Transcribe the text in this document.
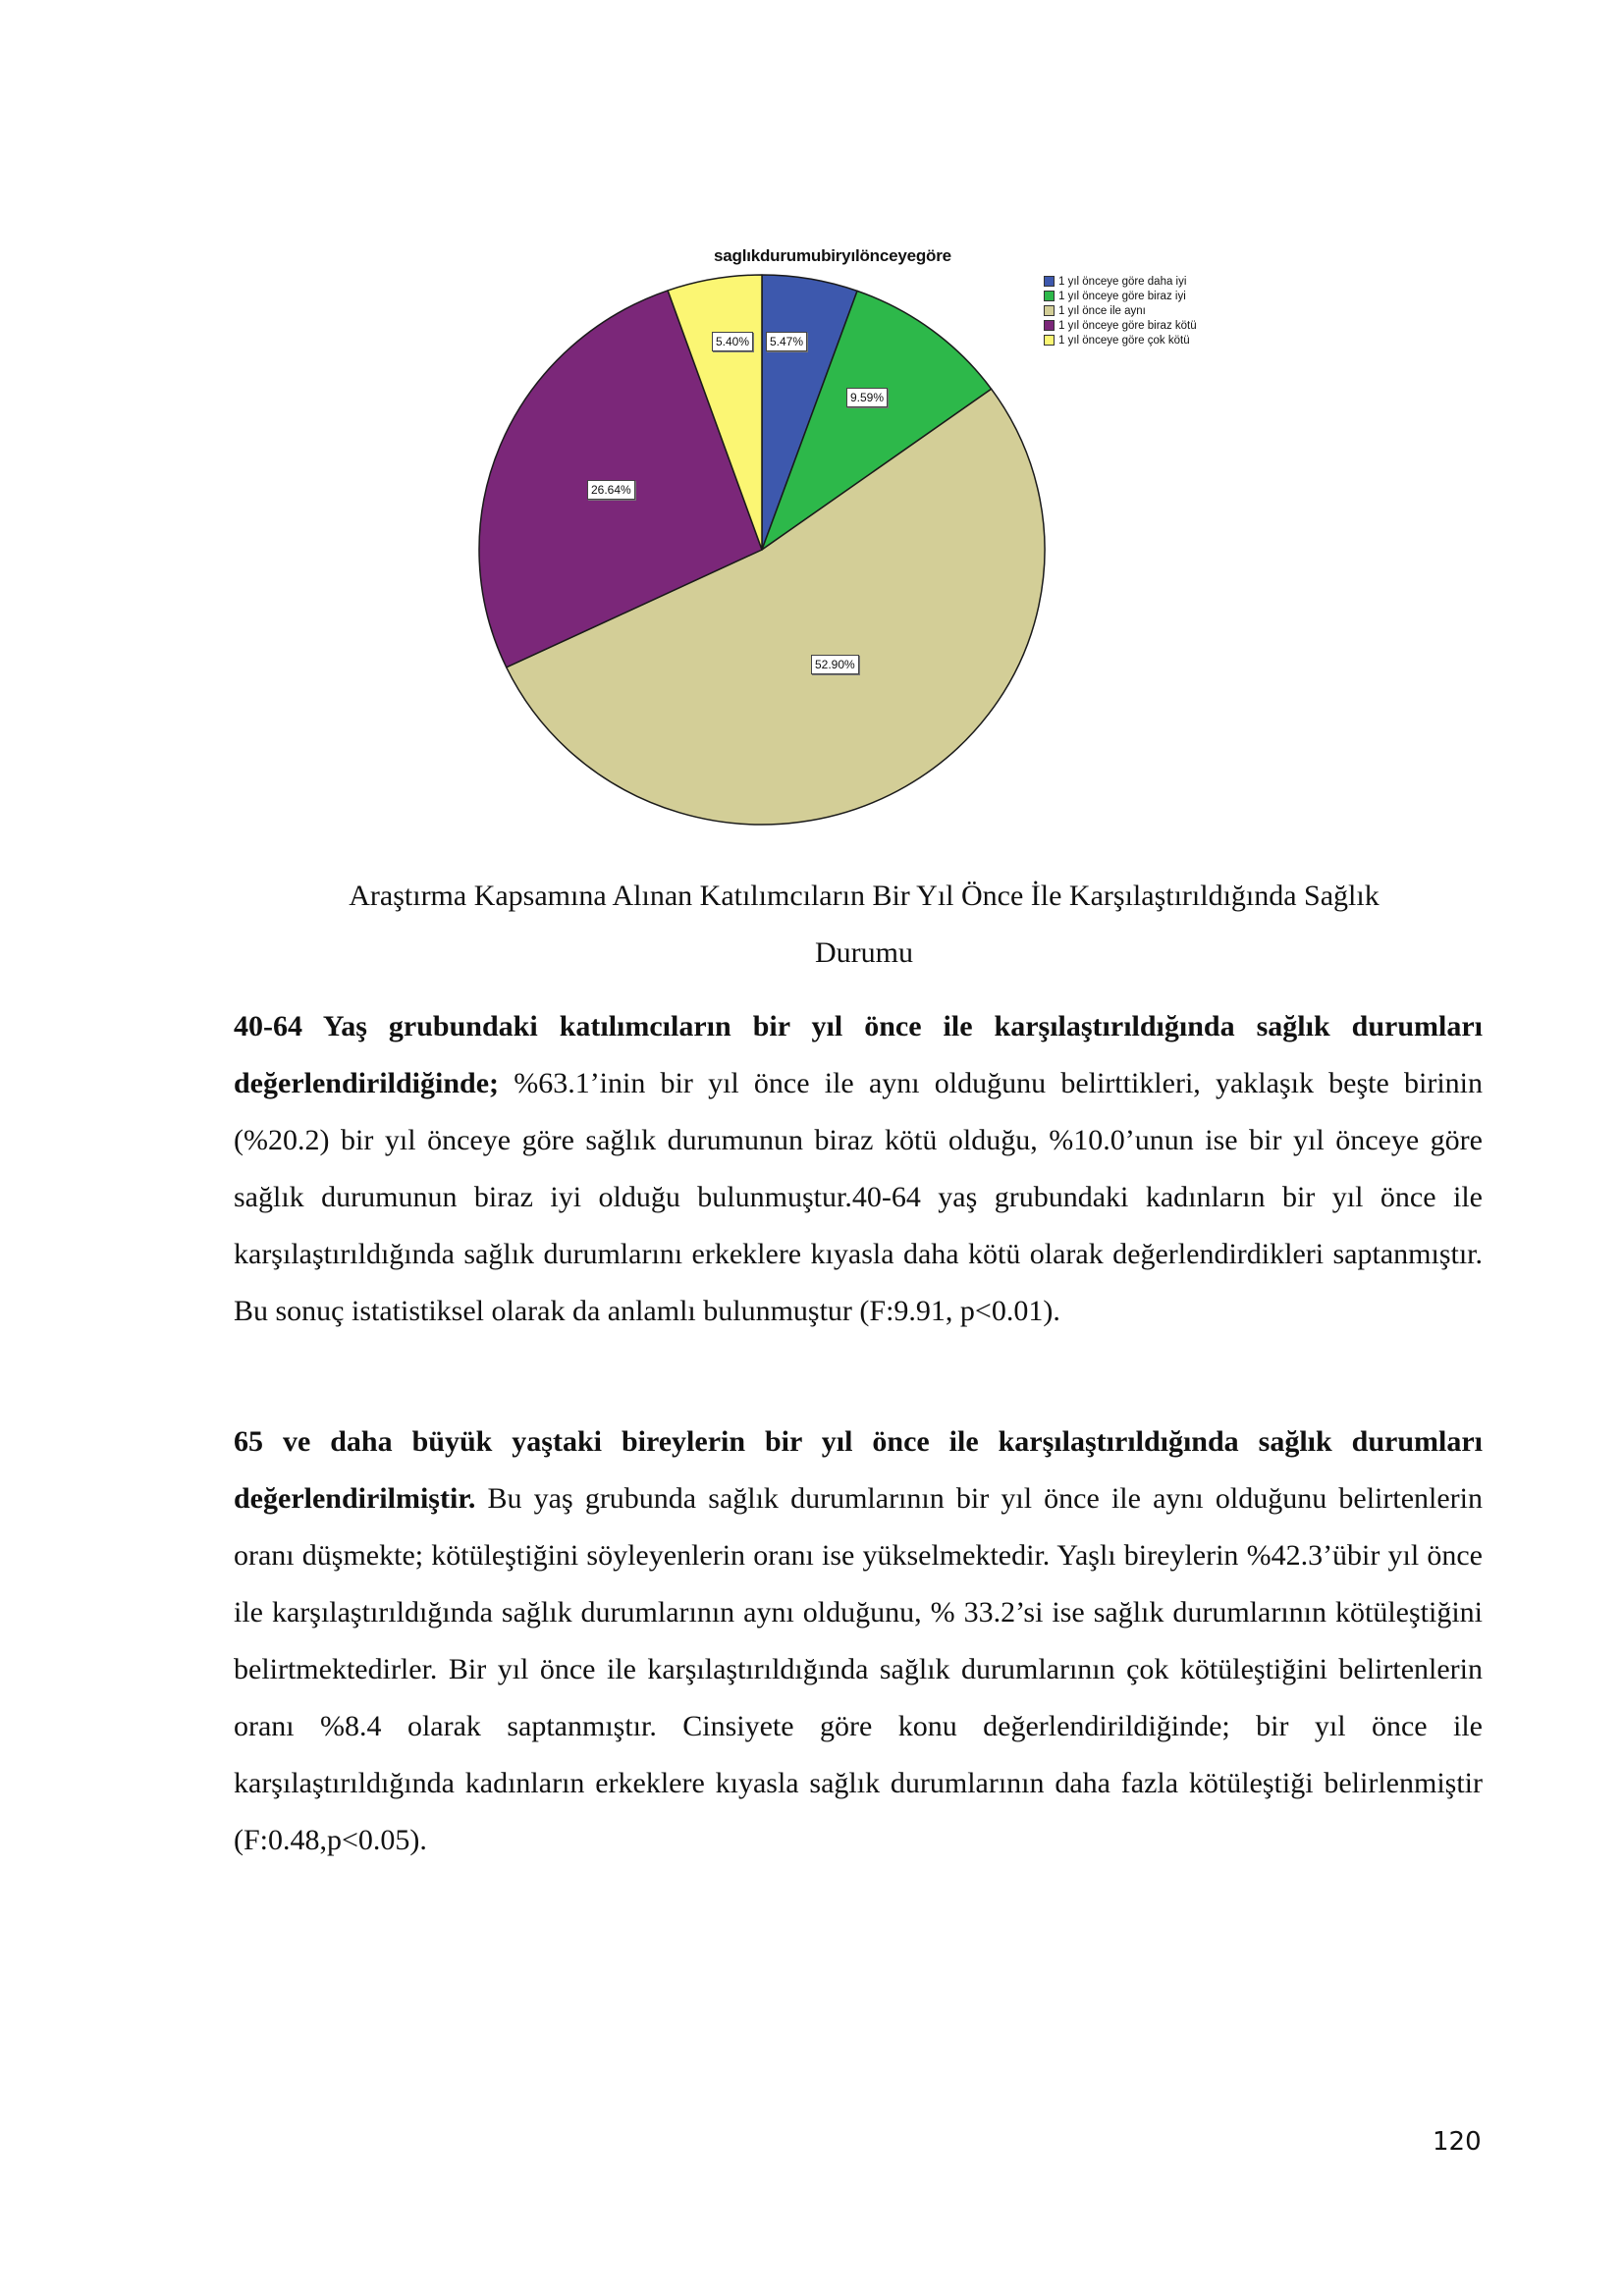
saglıkdurumubiryılönceyegöre
1 yıl önceye göre daha iyi
1 yıl önceye göre biraz iyi
1 yıl önce ile aynı
1 yıl önceye göre biraz kötü
1 yıl önceye göre çok kötü
5.47%
9.59%
52.90%
26.64%
5.40%
Araştırma Kapsamına Alınan Katılımcıların Bir Yıl Önce İle Karşılaştırıldığında Sağlık
Durumu
40-64 Yaş grubundaki katılımcıların bir yıl önce ile karşılaştırıldığında sağlık durumları değerlendirildiğinde; %63.1’inin bir yıl önce ile aynı olduğunu belirttikleri, yaklaşık beşte birinin (%20.2) bir yıl önceye göre sağlık durumunun biraz kötü olduğu, %10.0’unun ise bir yıl önceye göre sağlık durumunun biraz iyi olduğu bulunmuştur.40-64 yaş grubundaki kadınların bir yıl önce ile karşılaştırıldığında sağlık durumlarını erkeklere kıyasla daha kötü olarak değerlendirdikleri saptanmıştır. Bu sonuç istatistiksel olarak da anlamlı bulunmuştur (F:9.91, p<0.01).
65 ve daha büyük yaştaki bireylerin bir yıl önce ile karşılaştırıldığında sağlık durumları değerlendirilmiştir. Bu yaş grubunda sağlık durumlarının bir yıl önce ile aynı olduğunu belirtenlerin oranı düşmekte; kötüleştiğini söyleyenlerin oranı ise yükselmektedir. Yaşlı bireylerin %42.3’übir yıl önce ile karşılaştırıldığında sağlık durumlarının aynı olduğunu, % 33.2’si ise sağlık durumlarının kötüleştiğini belirtmektedirler. Bir yıl önce ile karşılaştırıldığında sağlık durumlarının çok kötüleştiğini belirtenlerin oranı %8.4 olarak saptanmıştır. Cinsiyete göre konu değerlendirildiğinde; bir yıl önce ile karşılaştırıldığında kadınların erkeklere kıyasla sağlık durumlarının daha fazla kötüleştiği belirlenmiştir (F:0.48,p<0.05).
120
